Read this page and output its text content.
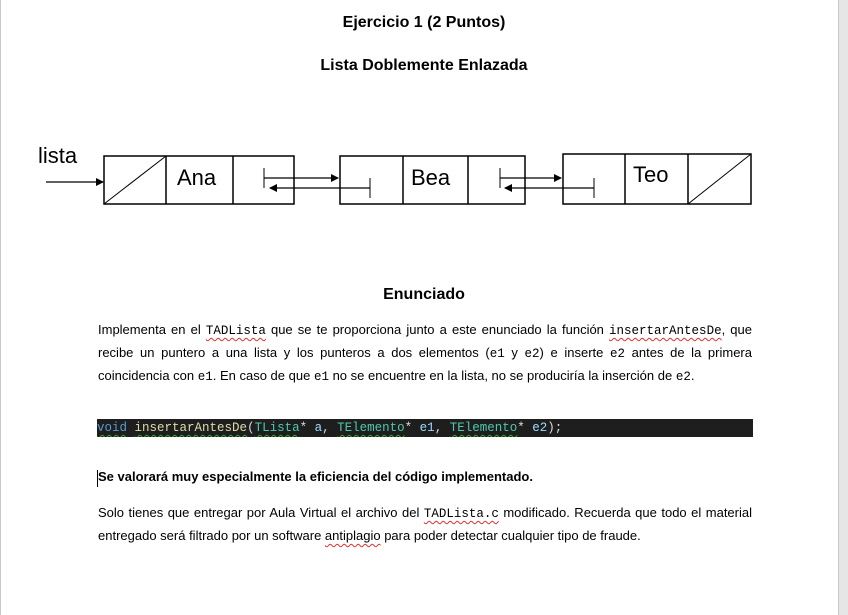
Ejercicio 1 (2 Puntos)
Lista Doblemente Enlazada
lista
Ana	Bea	Teo
Enunciado
Implementa en el TADLista que se te proporciona junto a este enunciado la función insertarAntesDe, que recibe un puntero a una lista y los punteros a dos elementos (e1 y e2) e inserte e2 antes de la primera coincidencia con e1. En caso de que e1 no se encuentre en la lista, no se produciría la inserción de e2.
void insertarAntesDe(TLista* a, TElemento* e1, TElemento* e2);
Se valorará muy especialmente la eficiencia del código implementado.
Solo tienes que entregar por Aula Virtual el archivo del TADLista.c modificado. Recuerda que todo el material entregado será filtrado por un software antiplagio para poder detectar cualquier tipo de fraude.
